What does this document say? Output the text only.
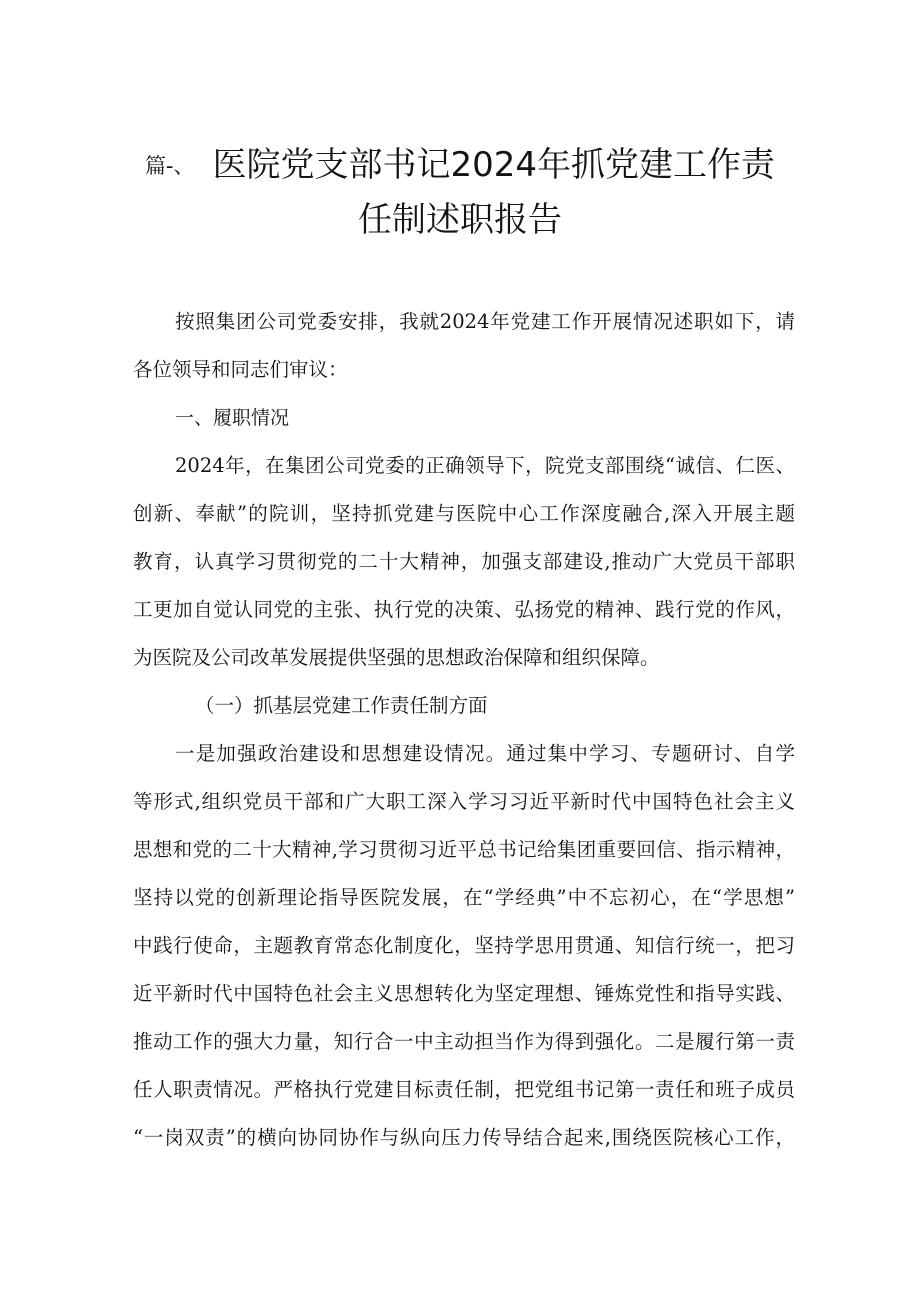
篇-、 医院党支部书记2024年抓党建工作责
任制述职报告
按照集团公司党委安排，我就2024年党建工作开展情况述职如下，请
各位领导和同志们审议：
一、履职情况
2024年，在集团公司党委的正确领导下，院党支部围绕“诚信、仁医、
创新、奉献”的院训，坚持抓党建与医院中心工作深度融合,深入开展主题
教育，认真学习贯彻党的二十大精神，加强支部建设,推动广大党员干部职
工更加自觉认同党的主张、执行党的决策、弘扬党的精神、践行党的作风，
为医院及公司改革发展提供坚强的思想政治保障和组织保障。
（一）抓基层党建工作责任制方面
一是加强政治建设和思想建设情况。通过集中学习、专题研讨、自学
等形式,组织党员干部和广大职工深入学习习近平新时代中国特色社会主义
思想和党的二十大精神,学习贯彻习近平总书记给集团重要回信、指示精神，
坚持以党的创新理论指导医院发展，在“学经典”中不忘初心，在“学思想”
中践行使命，主题教育常态化制度化，坚持学思用贯通、知信行统一，把习
近平新时代中国特色社会主义思想转化为坚定理想、锤炼党性和指导实践、
推动工作的强大力量，知行合一中主动担当作为得到强化。二是履行第一责
任人职责情况。严格执行党建目标责任制，把党组书记第一责任和班子成员
“一岗双责”的横向协同协作与纵向压力传导结合起来,围绕医院核心工作，
